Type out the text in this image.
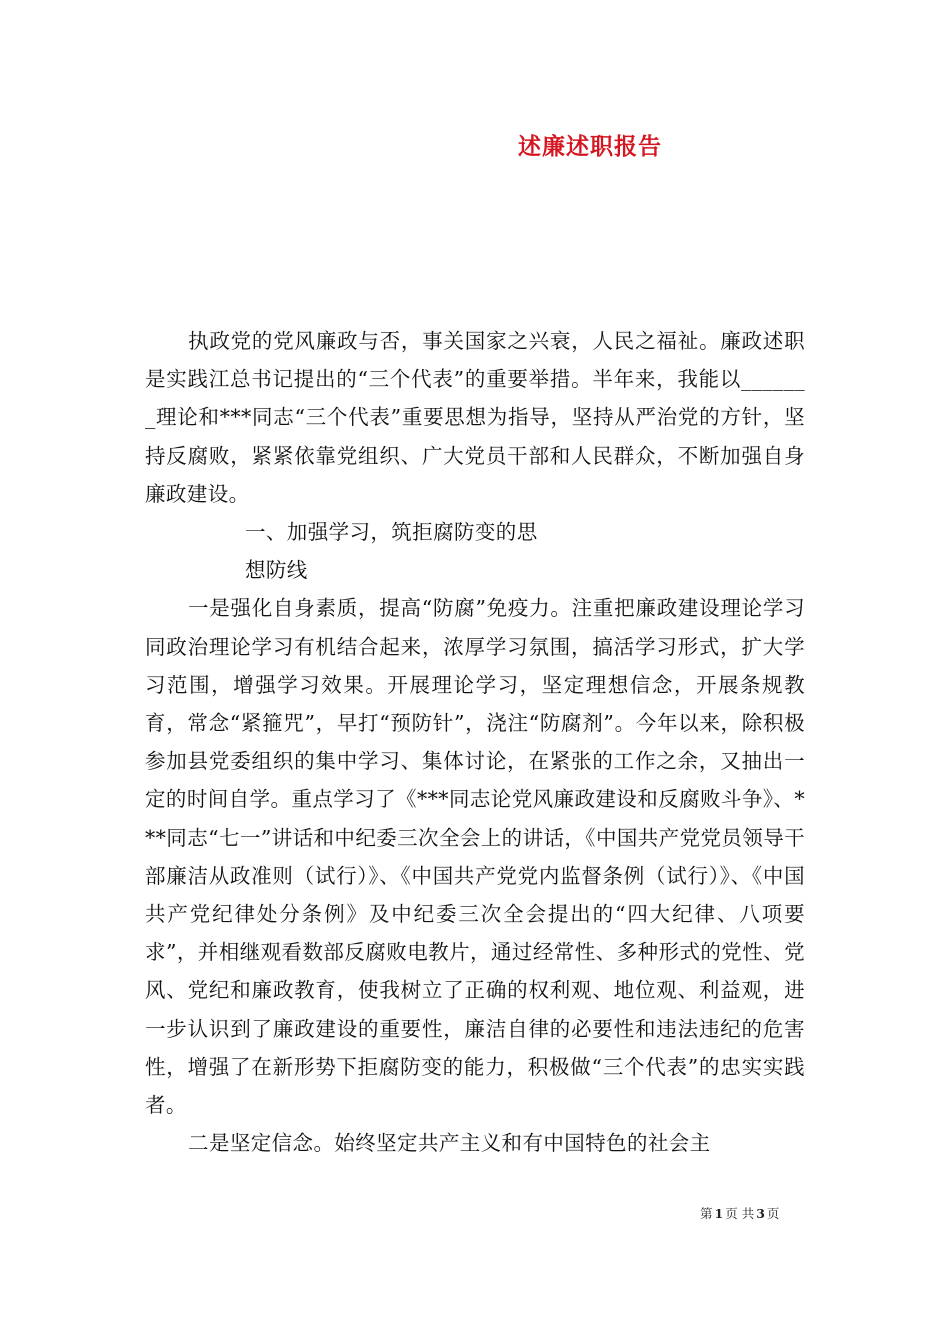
述廉述职报告

执政党的党风廉政与否，事关国家之兴衰，人民之福祉。廉政述职是实践江总书记提出的“三个代表”的重要举措。半年来，我能以_______理论和***同志“三个代表”重要思想为指导，坚持从严治党的方针，坚持反腐败，紧紧依靠党组织、广大党员干部和人民群众，不断加强自身廉政建设。

一、加强学习，筑拒腐防变的思

想防线

一是强化自身素质，提高“防腐”免疫力。注重把廉政建设理论学习同政治理论学习有机结合起来，浓厚学习氛围，搞活学习形式，扩大学习范围，增强学习效果。开展理论学习，坚定理想信念，开展条规教育，常念“紧箍咒”，早打“预防针”，浇注“防腐剂”。今年以来，除积极参加县党委组织的集中学习、集体讨论，在紧张的工作之余，又抽出一定的时间自学。重点学习了《***同志论党风廉政建设和反腐败斗争》、***同志“七一”讲话和中纪委三次全会上的讲话，《中国共产党党员领导干部廉洁从政准则（试行）》、《中国共产党党内监督条例（试行）》、《中国共产党纪律处分条例》及中纪委三次全会提出的“四大纪律、八项要求”，并相继观看数部反腐败电教片，通过经常性、多种形式的党性、党风、党纪和廉政教育，使我树立了正确的权利观、地位观、利益观，进一步认识到了廉政建设的重要性，廉洁自律的必要性和违法违纪的危害性，增强了在新形势下拒腐防变的能力，积极做“三个代表”的忠实实践者。

二是坚定信念。始终坚定共产主义和有中国特色的社会主

第 1 页 共 3 页
